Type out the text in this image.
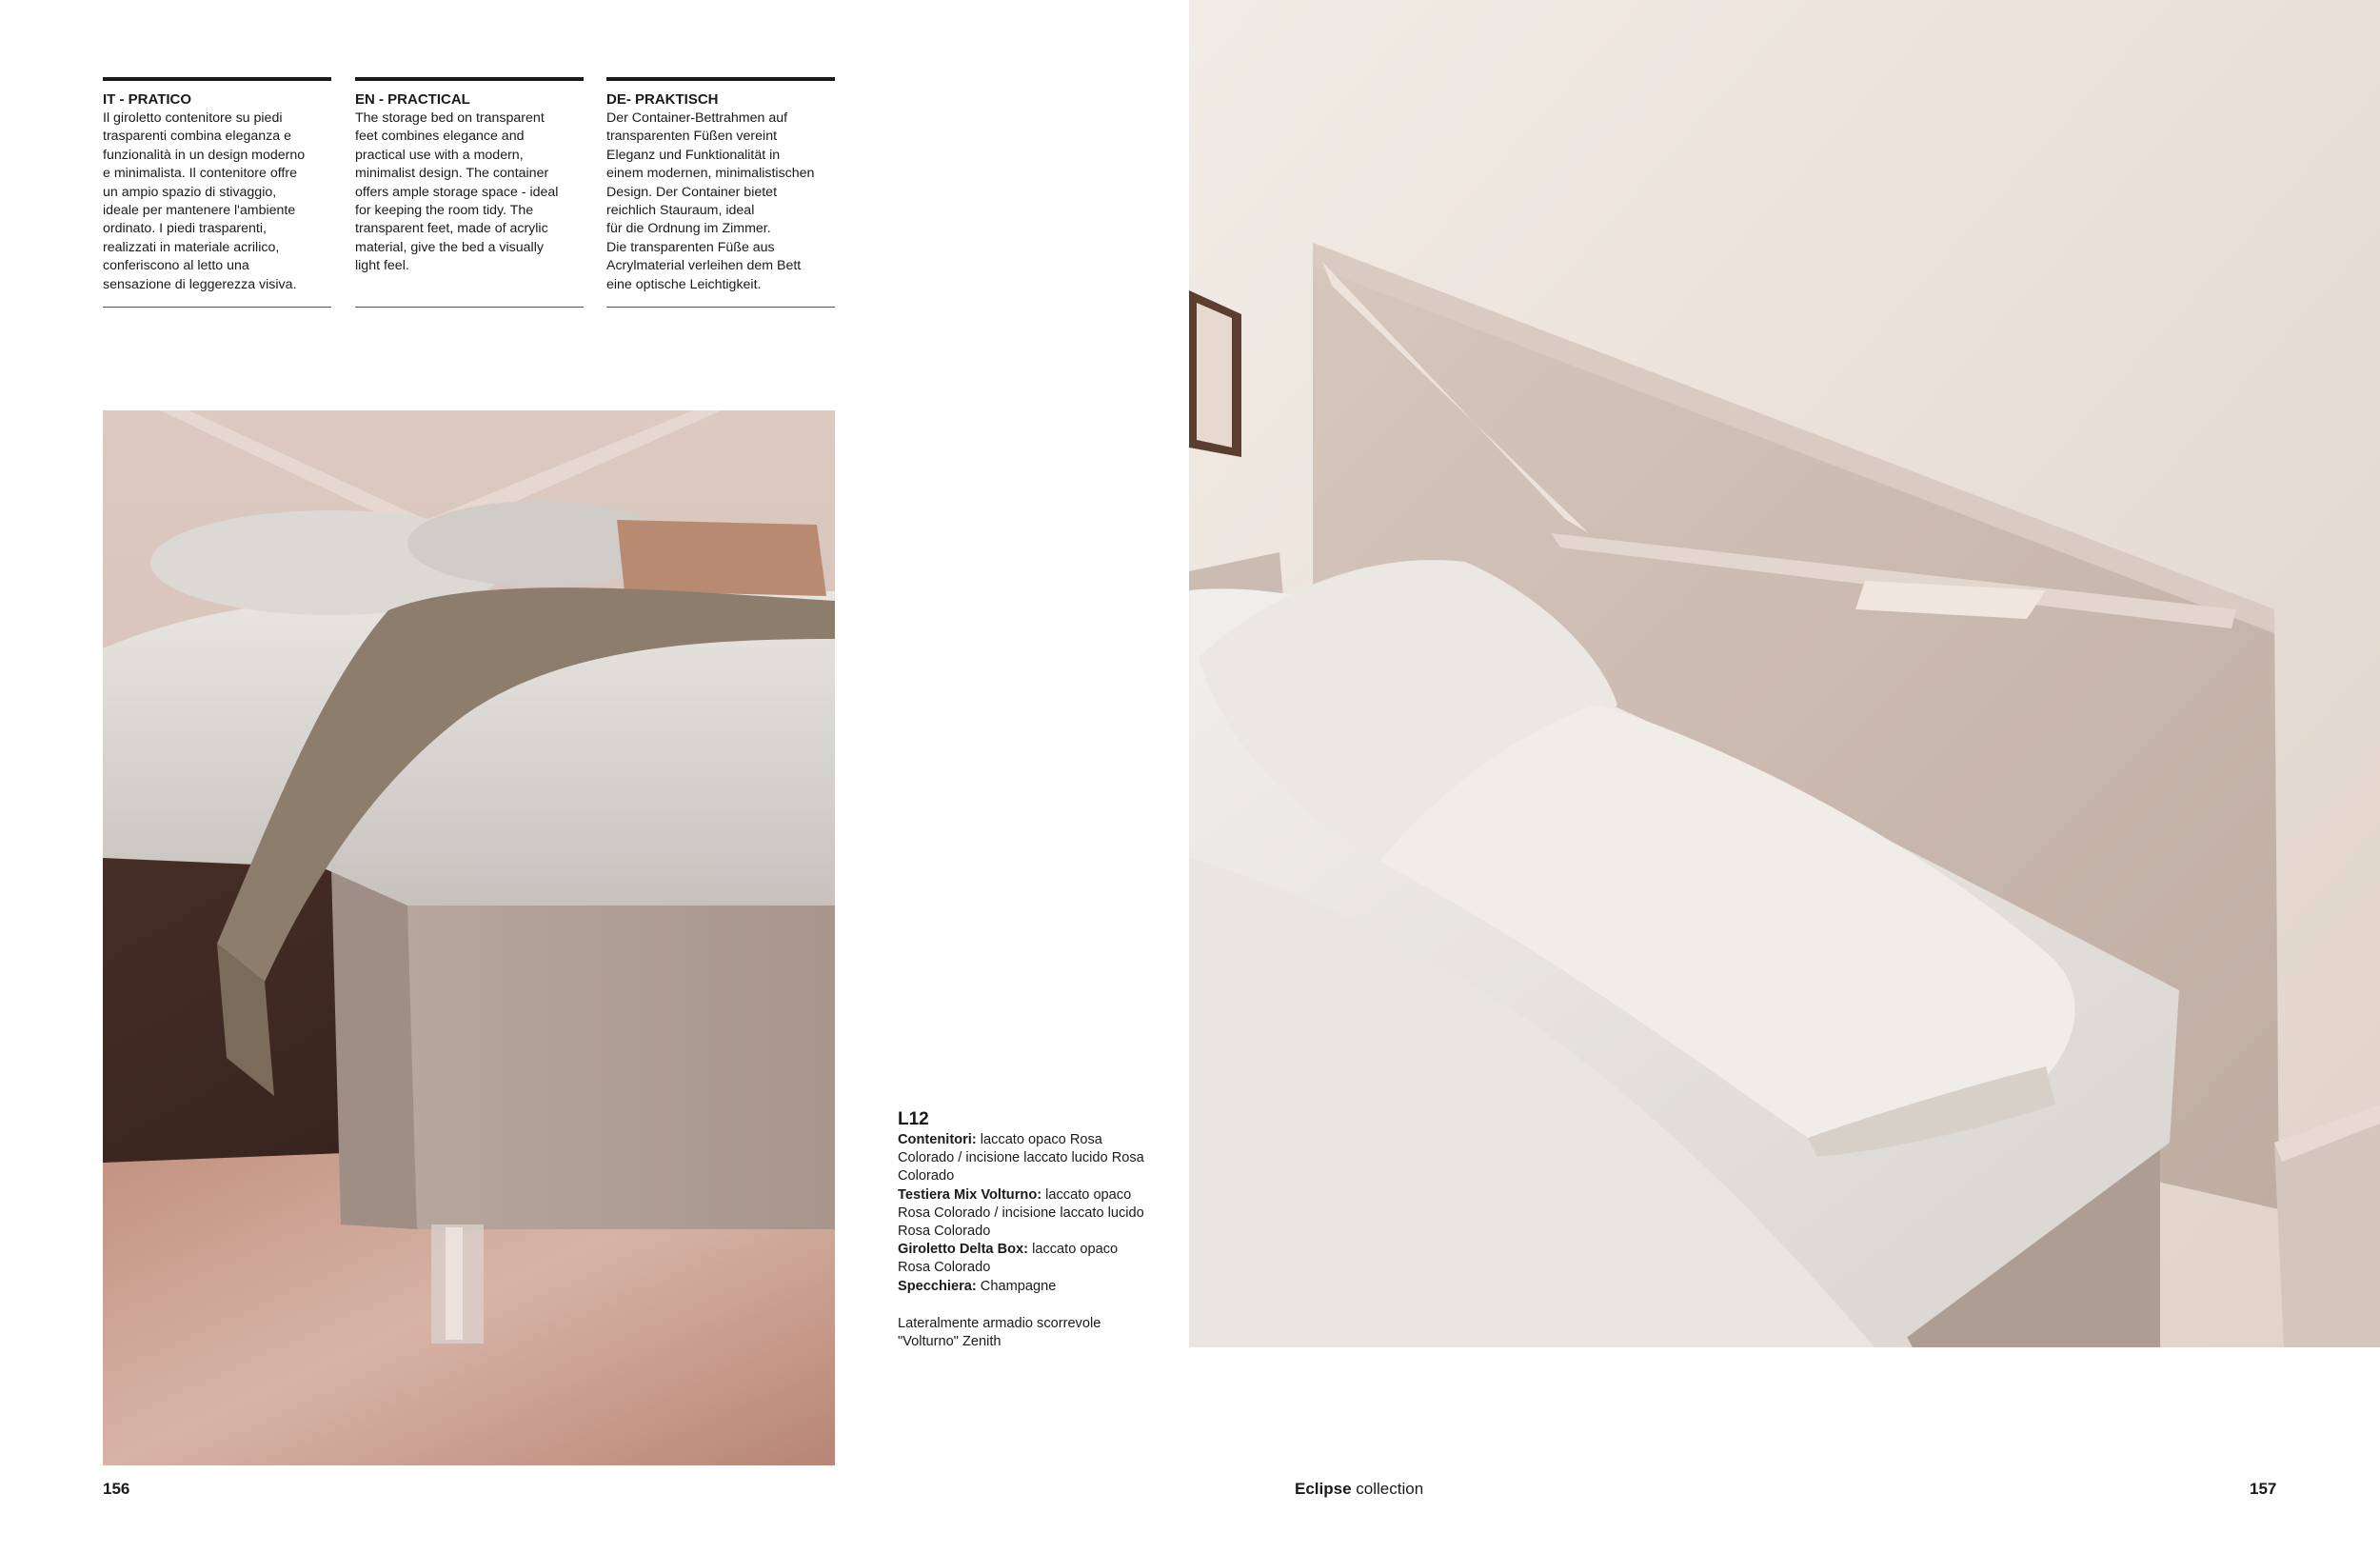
IT - PRATICO

Il giroletto contenitore su piedi
trasparenti combina eleganza e
funzionalità in un design moderno
e minimalista. Il contenitore offre
un ampio spazio di stivaggio,
ideale per mantenere l'ambiente
ordinato. I piedi trasparenti,
realizzati in materiale acrilico,
conferiscono al letto una
sensazione di leggerezza visiva.

EN - PRACTICAL

The storage bed on transparent
feet combines elegance and
practical use with a modern,
minimalist design. The container
offers ample storage space - ideal
for keeping the room tidy. The
transparent feet, made of acrylic
material, give the bed a visually
light feel.

DE- PRAKTISCH

Der Container-Bettrahmen auf
transparenten Füßen vereint
Eleganz und Funktionalität in
einem modernen, minimalistischen
Design. Der Container bietet
reichlich Stauraum, ideal
für die Ordnung im Zimmer.
Die transparenten Füße aus
Acrylmaterial verleihen dem Bett
eine optische Leichtigkeit.

L12
Contenitori: laccato opaco Rosa Colorado / incisione laccato lucido Rosa Colorado
Testiera Mix Volturno: laccato opaco Rosa Colorado / incisione laccato lucido Rosa Colorado
Giroletto Delta Box: laccato opaco Rosa Colorado
Specchiera: Champagne
Lateralmente armadio scorrevole "Volturno" Zenith
156	Eclipse collection	157
